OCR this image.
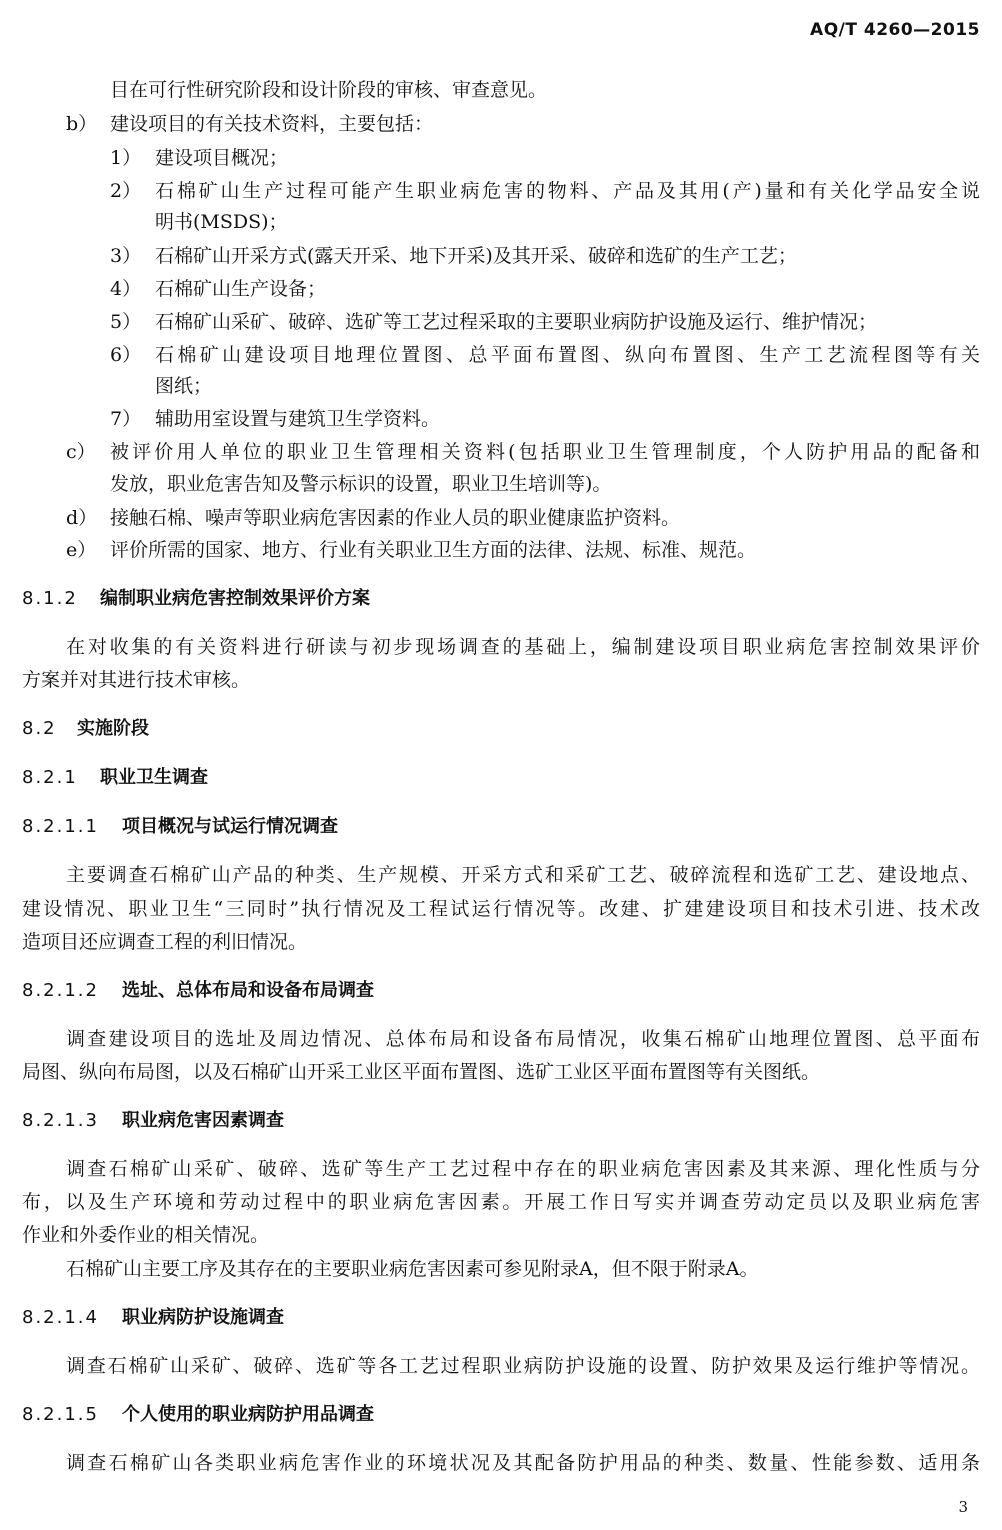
AQ/T 4260—2015
目在可行性研究阶段和设计阶段的审核、审查意见。
b） 建设项目的有关技术资料，主要包括：
1） 建设项目概况；
2） 石棉矿山生产过程可能产生职业病危害的物料、产品及其用(产)量和有关化学品安全说
明书(MSDS)；
3） 石棉矿山开采方式(露天开采、地下开采)及其开采、破碎和选矿的生产工艺；
4） 石棉矿山生产设备；
5） 石棉矿山采矿、破碎、选矿等工艺过程采取的主要职业病防护设施及运行、维护情况；
6） 石棉矿山建设项目地理位置图、总平面布置图、纵向布置图、生产工艺流程图等有关
图纸；
7） 辅助用室设置与建筑卫生学资料。
c） 被评价用人单位的职业卫生管理相关资料(包括职业卫生管理制度，个人防护用品的配备和
发放，职业危害告知及警示标识的设置，职业卫生培训等)。
d） 接触石棉、噪声等职业病危害因素的作业人员的职业健康监护资料。
e） 评价所需的国家、地方、行业有关职业卫生方面的法律、法规、标准、规范。
8.1.2 编制职业病危害控制效果评价方案
在对收集的有关资料进行研读与初步现场调查的基础上，编制建设项目职业病危害控制效果评价
方案并对其进行技术审核。
8.2 实施阶段
8.2.1 职业卫生调查
8.2.1.1 项目概况与试运行情况调查
主要调查石棉矿山产品的种类、生产规模、开采方式和采矿工艺、破碎流程和选矿工艺、建设地点、
建设情况、职业卫生“三同时”执行情况及工程试运行情况等。改建、扩建建设项目和技术引进、技术改
造项目还应调查工程的利旧情况。
8.2.1.2 选址、总体布局和设备布局调查
调查建设项目的选址及周边情况、总体布局和设备布局情况，收集石棉矿山地理位置图、总平面布
局图、纵向布局图，以及石棉矿山开采工业区平面布置图、选矿工业区平面布置图等有关图纸。
8.2.1.3 职业病危害因素调查
调查石棉矿山采矿、破碎、选矿等生产工艺过程中存在的职业病危害因素及其来源、理化性质与分
布，以及生产环境和劳动过程中的职业病危害因素。开展工作日写实并调查劳动定员以及职业病危害
作业和外委作业的相关情况。
石棉矿山主要工序及其存在的主要职业病危害因素可参见附录A，但不限于附录A。
8.2.1.4 职业病防护设施调查
调查石棉矿山采矿、破碎、选矿等各工艺过程职业病防护设施的设置、防护效果及运行维护等情况。
8.2.1.5 个人使用的职业病防护用品调查
调查石棉矿山各类职业病危害作业的环境状况及其配备防护用品的种类、数量、性能参数、适用条
3
